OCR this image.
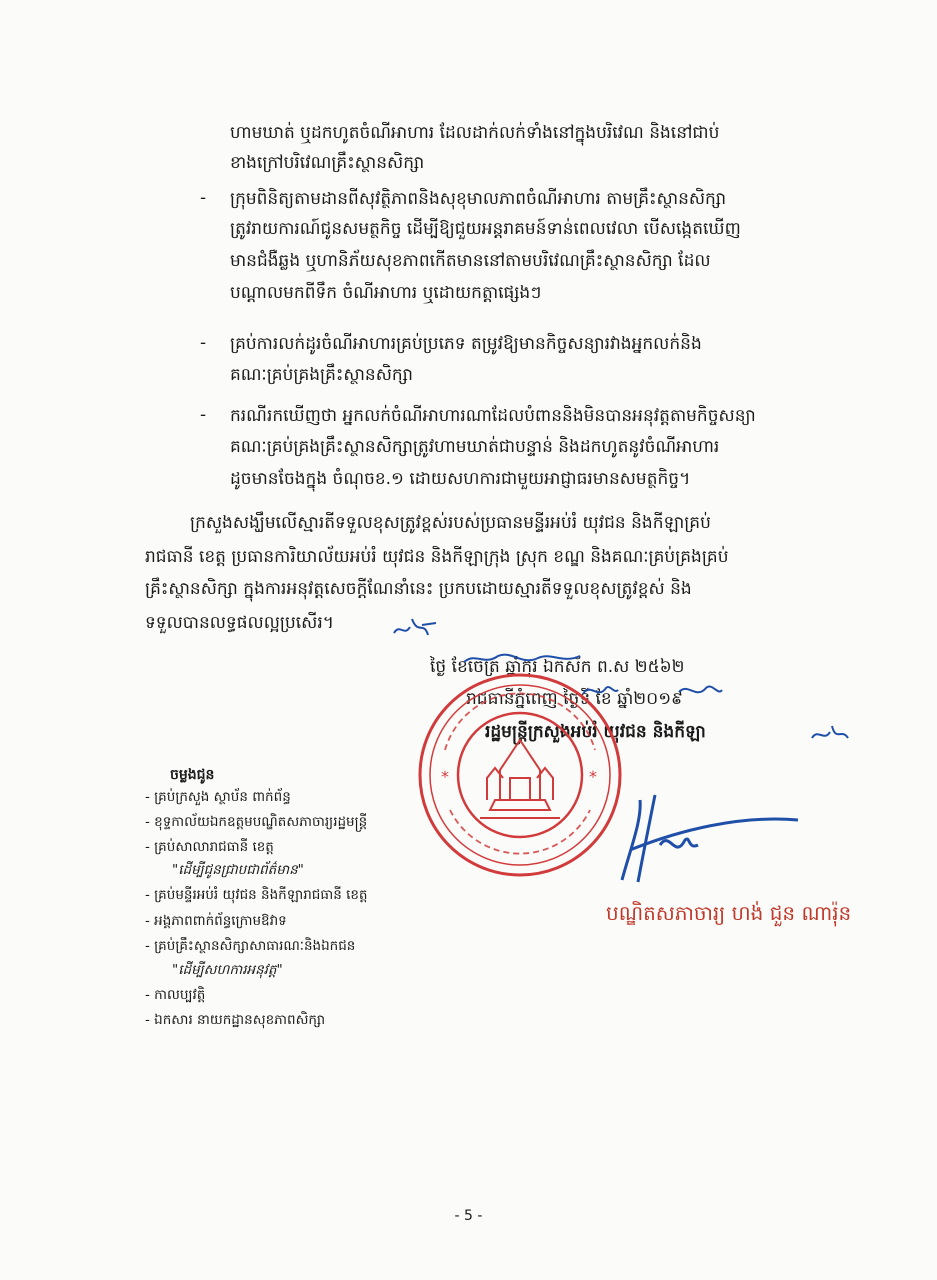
ហាមឃាត់ ឬដកហូតចំណីអាហារ ដែលដាក់លក់ទាំងនៅក្នុងបរិវេណ និងនៅជាប់
ខាងក្រៅបរិវេណគ្រឹះស្ថានសិក្សា
- ក្រុមពិនិត្យតាមដានពីសុវត្ថិភាពនិងសុខុមាលភាពចំណីអាហារ តាមគ្រឹះស្ថានសិក្សា
ត្រូវរាយការណ៍ជូនសមត្ថកិច្ច ដើម្បីឱ្យជួយអន្តរាគមន៍ទាន់ពេលវេលា បើសង្កេតឃើញ
មានជំងឺឆ្លង ឬហានិភ័យសុខភាពកើតមាននៅតាមបរិវេណគ្រឹះស្ថានសិក្សា ដែល
បណ្តាលមកពីទឹក ចំណីអាហារ ឬដោយកត្តាផ្សេងៗ
- គ្រប់ការលក់ដូរចំណីអាហារគ្រប់ប្រភេទ តម្រូវឱ្យមានកិច្ចសន្យារវាងអ្នកលក់និង
គណៈគ្រប់គ្រងគ្រឹះស្ថានសិក្សា
- ករណីរកឃើញថា អ្នកលក់ចំណីអាហារណាដែលបំពាននិងមិនបានអនុវត្តតាមកិច្ចសន្យា
គណៈគ្រប់គ្រងគ្រឹះស្ថានសិក្សាត្រូវហាមឃាត់ជាបន្ទាន់ និងដកហូតនូវចំណីអាហារ
ដូចមានចែងក្នុង ចំណុចខ.១ ដោយសហការជាមួយអាជ្ញាធរមានសមត្ថកិច្ច។
ក្រសួងសង្ឃឹមលើស្មារតីទទួលខុសត្រូវខ្ពស់របស់ប្រធានមន្ទីរអប់រំ យុវជន និងកីឡាគ្រប់
រាជធានី ខេត្ត ប្រធានការិយាល័យអប់រំ យុវជន និងកីឡាក្រុង ស្រុក ខណ្ឌ និងគណៈគ្រប់គ្រងគ្រប់
គ្រឹះស្ថានសិក្សា ក្នុងការអនុវត្តសេចក្តីណែនាំនេះ ប្រកបដោយស្មារតីទទួលខុសត្រូវខ្ពស់ និង
ទទួលបានលទ្ធផលល្អប្រសើរ។
ថ្ងៃ ខែចេត្រ ឆ្នាំកុរ ឯកស័ក ព.ស ២៥៦២
រាជធានីភ្នំពេញ ថ្ងៃទី ខែ ឆ្នាំ២០១៩
រដ្ឋមន្ត្រីក្រសួងអប់រំ យុវជន និងកីឡា
*	*
បណ្ឌិតសភាចារ្យ ហង់ ជួន ណារ៉ុន
ចម្លងជូន
- គ្រប់ក្រសួង ស្ថាប័ន ពាក់ព័ន្ធ
- ខុទ្ទកាល័យឯកឧត្តមបណ្ឌិតសភាចារ្យរដ្ឋមន្ត្រី
- គ្រប់សាលារាជធានី ខេត្ត
"ដើម្បីជូនជ្រាបជាព័ត៌មាន"
- គ្រប់មន្ទីរអប់រំ យុវជន និងកីឡារាជធានី ខេត្ត
- អង្គភាពពាក់ព័ន្ធក្រោមឱវាទ
- គ្រប់គ្រឹះស្ថានសិក្សាសាធារណៈនិងឯកជន
"ដើម្បីសហការអនុវត្ត"
- កាលប្បវត្តិ
- ឯកសារ នាយកដ្ឋានសុខភាពសិក្សា
- 5 -
